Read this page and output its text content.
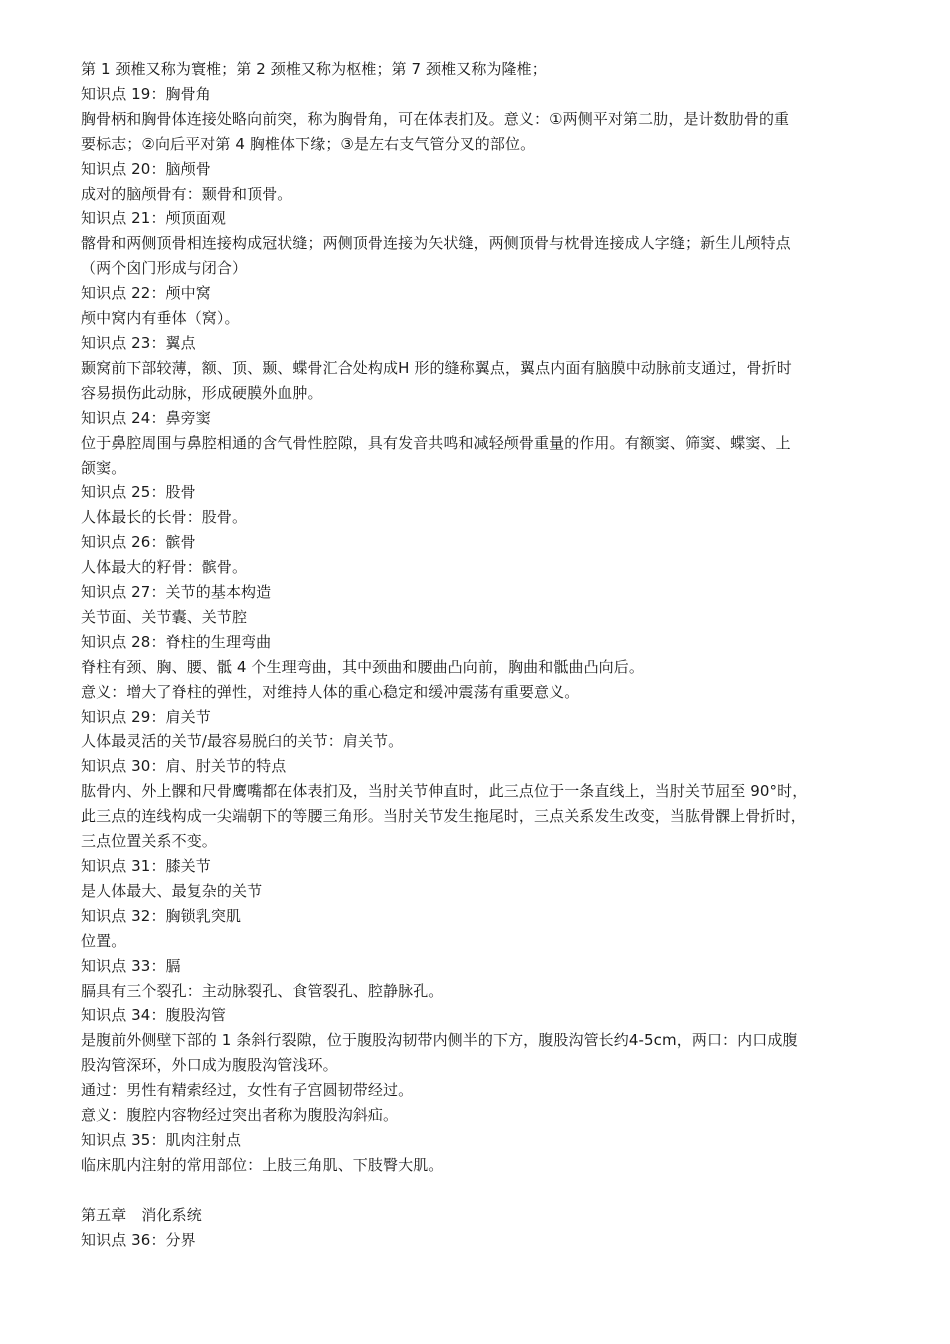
第 1 颈椎又称为寰椎；第 2 颈椎又称为枢椎；第 7 颈椎又称为隆椎；
知识点 19：胸骨角
胸骨柄和胸骨体连接处略向前突，称为胸骨角，可在体表扪及。意义：①两侧平对第二肋，是计数肋骨的重
要标志；②向后平对第 4 胸椎体下缘；③是左右支气管分叉的部位。
知识点 20：脑颅骨
成对的脑颅骨有：颞骨和顶骨。
知识点 21：颅顶面观
髂骨和两侧顶骨相连接构成冠状缝；两侧顶骨连接为矢状缝，两侧顶骨与枕骨连接成人字缝；新生儿颅特点
（两个囟门形成与闭合）
知识点 22：颅中窝
颅中窝内有垂体（窝）。
知识点 23：翼点
颞窝前下部较薄，额、顶、颞、蝶骨汇合处构成H 形的缝称翼点，翼点内面有脑膜中动脉前支通过，骨折时
容易损伤此动脉，形成硬膜外血肿。
知识点 24：鼻旁窦
位于鼻腔周围与鼻腔相通的含气骨性腔隙，具有发音共鸣和减轻颅骨重量的作用。有额窦、筛窦、蝶窦、上
颌窦。
知识点 25：股骨
人体最长的长骨：股骨。
知识点 26：髌骨
人体最大的籽骨：髌骨。
知识点 27：关节的基本构造
关节面、关节囊、关节腔
知识点 28：脊柱的生理弯曲
脊柱有颈、胸、腰、骶 4 个生理弯曲，其中颈曲和腰曲凸向前，胸曲和骶曲凸向后。
意义：增大了脊柱的弹性，对维持人体的重心稳定和缓冲震荡有重要意义。
知识点 29：肩关节
人体最灵活的关节/最容易脱臼的关节：肩关节。
知识点 30：肩、肘关节的特点
肱骨内、外上髁和尺骨鹰嘴都在体表扪及，当肘关节伸直时，此三点位于一条直线上，当肘关节屈至 90°时，
此三点的连线构成一尖端朝下的等腰三角形。当肘关节发生拖尾时，三点关系发生改变，当肱骨髁上骨折时，
三点位置关系不变。
知识点 31：膝关节
是人体最大、最复杂的关节
知识点 32：胸锁乳突肌
位置。
知识点 33：膈
膈具有三个裂孔：主动脉裂孔、食管裂孔、腔静脉孔。
知识点 34：腹股沟管
是腹前外侧壁下部的 1 条斜行裂隙，位于腹股沟韧带内侧半的下方，腹股沟管长约4-5cm，两口：内口成腹
股沟管深环，外口成为腹股沟管浅环。
通过：男性有精索经过，女性有子宫圆韧带经过。
意义：腹腔内容物经过突出者称为腹股沟斜疝。
知识点 35：肌肉注射点
临床肌内注射的常用部位：上肢三角肌、下肢臀大肌。
第五章　消化系统
知识点 36：分界
